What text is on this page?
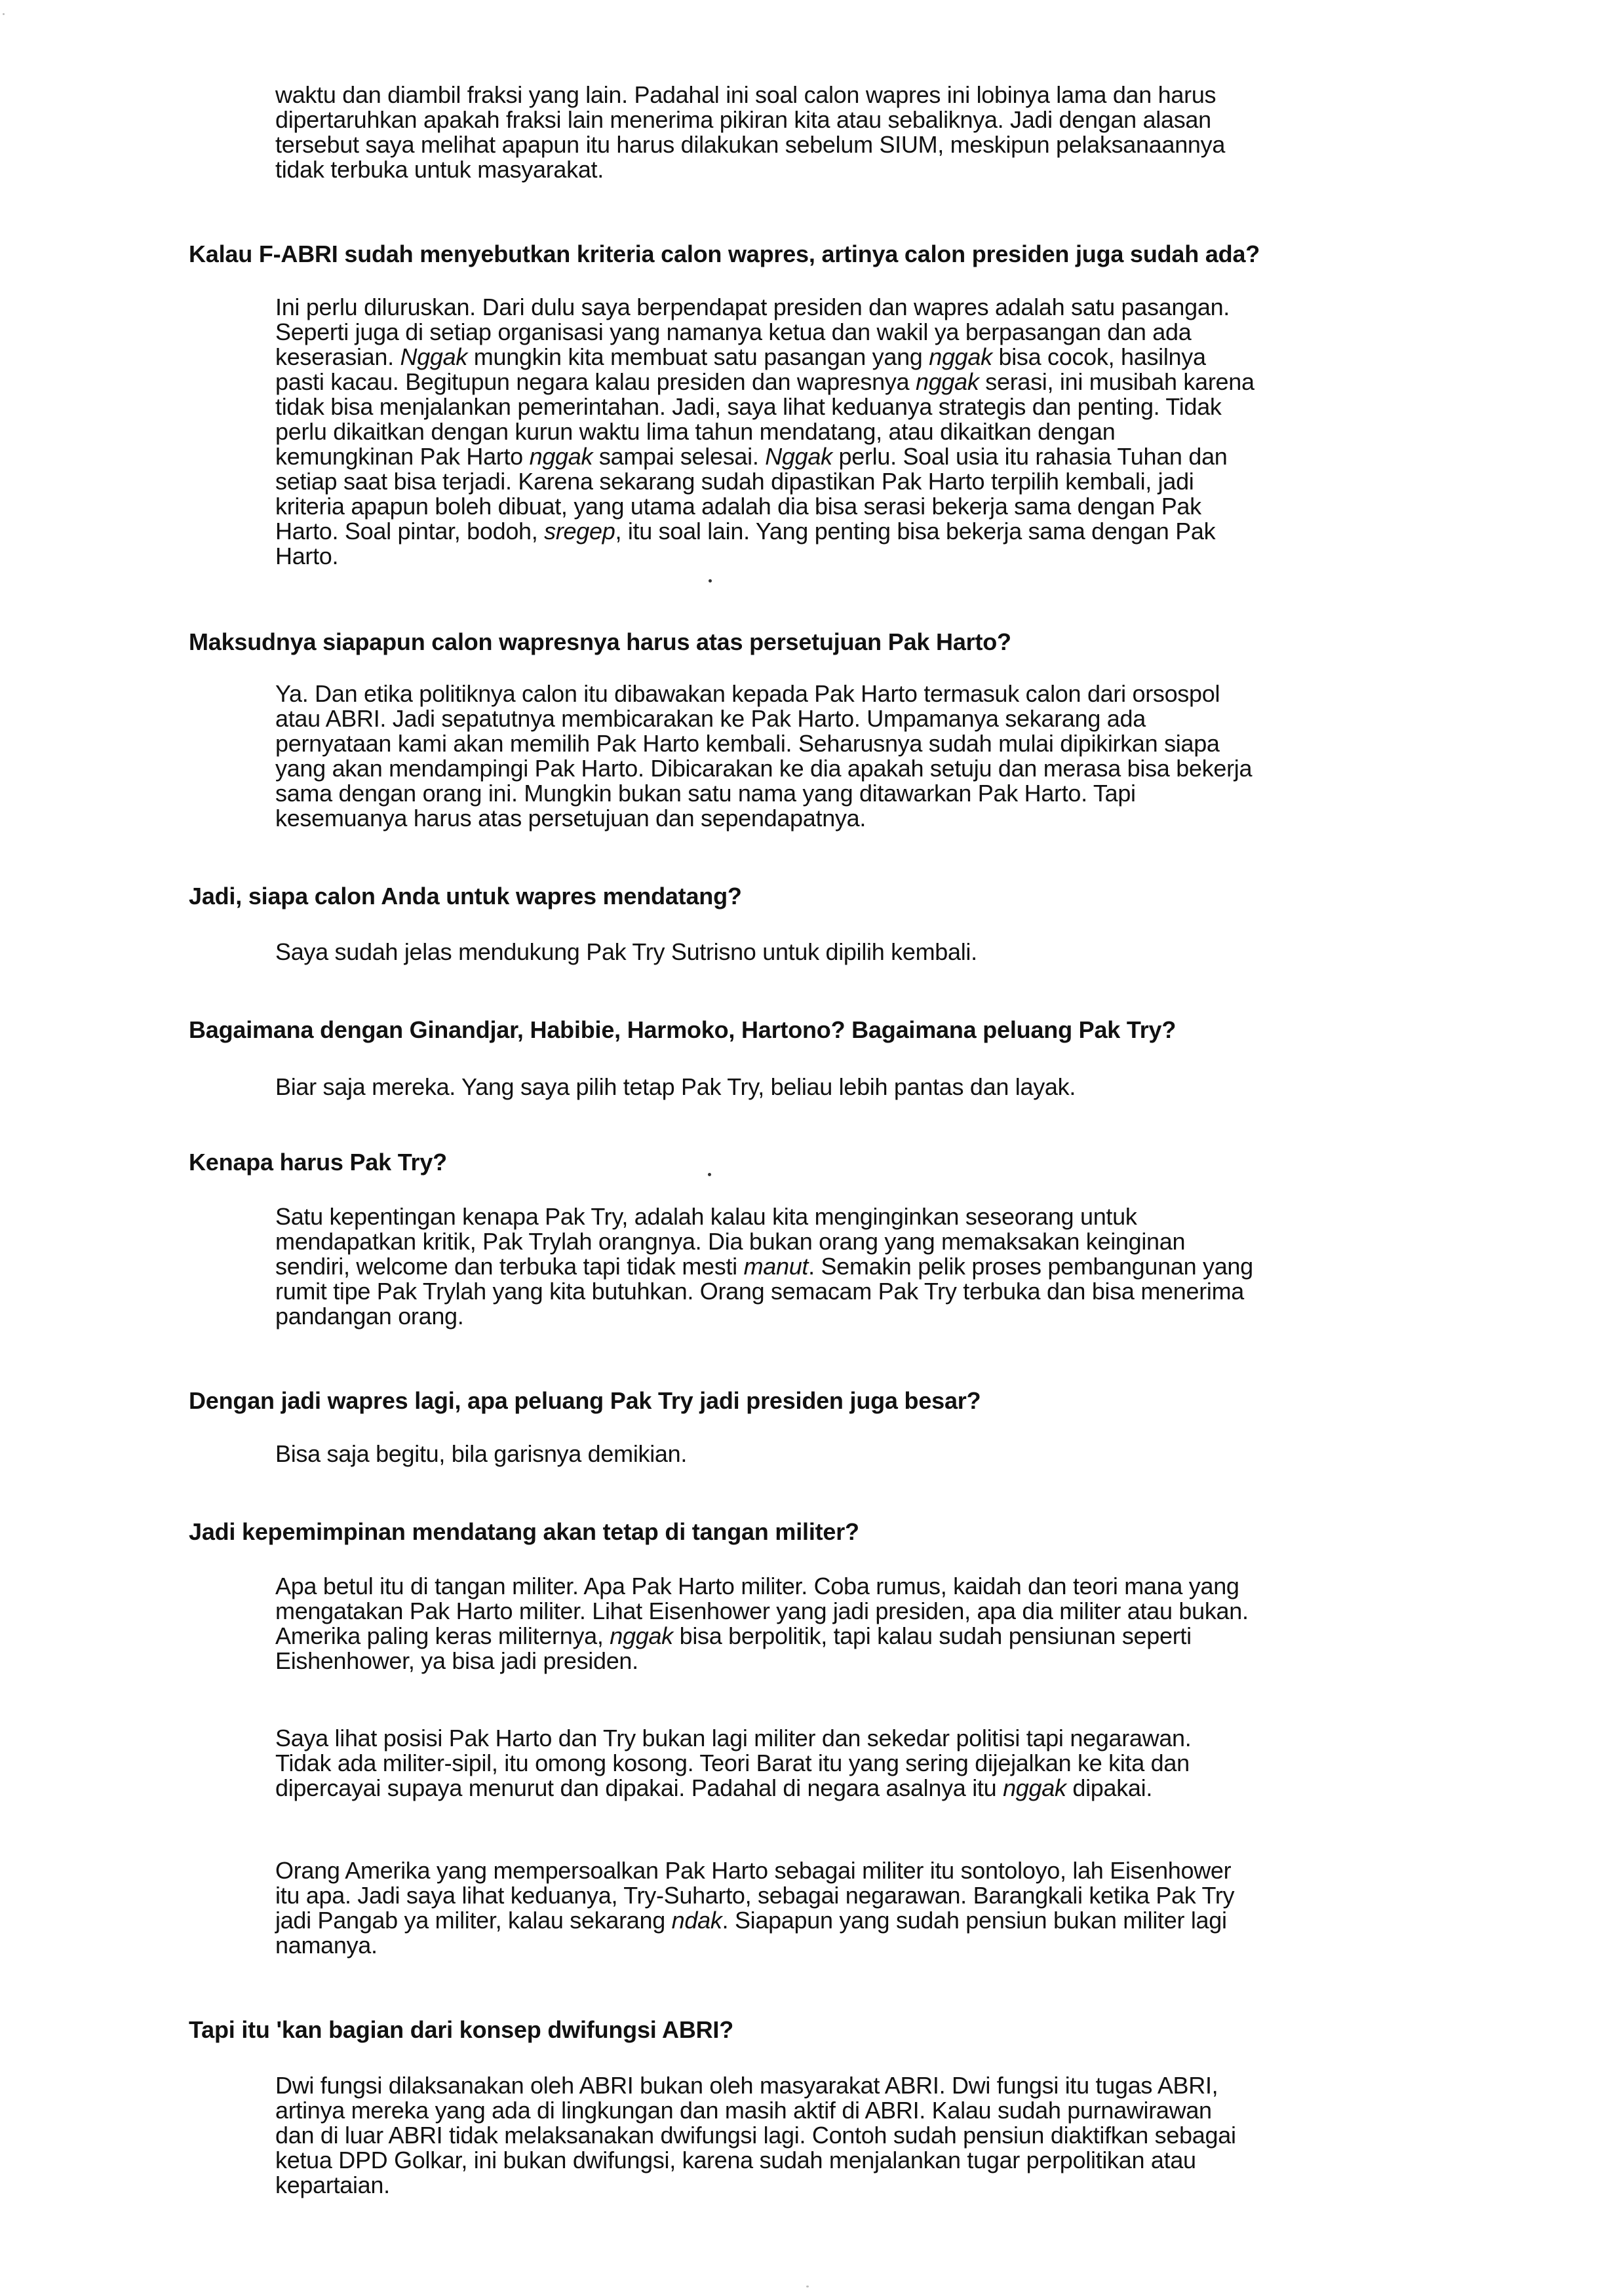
waktu dan diambil fraksi yang lain. Padahal ini soal calon wapres ini lobinya lama dan harus
dipertaruhkan apakah fraksi lain menerima pikiran kita atau sebaliknya. Jadi dengan alasan
tersebut saya melihat apapun itu harus dilakukan sebelum SIUM, meskipun pelaksanaannya
tidak terbuka untuk masyarakat.
Kalau F-ABRI sudah menyebutkan kriteria calon wapres, artinya calon presiden juga sudah ada?
Ini perlu diluruskan. Dari dulu saya berpendapat presiden dan wapres adalah satu pasangan.
Seperti juga di setiap organisasi yang namanya ketua dan wakil ya berpasangan dan ada
keserasian. Nggak mungkin kita membuat satu pasangan yang nggak bisa cocok, hasilnya
pasti kacau. Begitupun negara kalau presiden dan wapresnya nggak serasi, ini musibah karena
tidak bisa menjalankan pemerintahan. Jadi, saya lihat keduanya strategis dan penting. Tidak
perlu dikaitkan dengan kurun waktu lima tahun mendatang, atau dikaitkan dengan
kemungkinan Pak Harto nggak sampai selesai. Nggak perlu. Soal usia itu rahasia Tuhan dan
setiap saat bisa terjadi. Karena sekarang sudah dipastikan Pak Harto terpilih kembali, jadi
kriteria apapun boleh dibuat, yang utama adalah dia bisa serasi bekerja sama dengan Pak
Harto. Soal pintar, bodoh, sregep, itu soal lain. Yang penting bisa bekerja sama dengan Pak
Harto.
Maksudnya siapapun calon wapresnya harus atas persetujuan Pak Harto?
Ya. Dan etika politiknya calon itu dibawakan kepada Pak Harto termasuk calon dari orsospol
atau ABRI. Jadi sepatutnya membicarakan ke Pak Harto. Umpamanya sekarang ada
pernyataan kami akan memilih Pak Harto kembali. Seharusnya sudah mulai dipikirkan siapa
yang akan mendampingi Pak Harto. Dibicarakan ke dia apakah setuju dan merasa bisa bekerja
sama dengan orang ini. Mungkin bukan satu nama yang ditawarkan Pak Harto. Tapi
kesemuanya harus atas persetujuan dan sependapatnya.
Jadi, siapa calon Anda untuk wapres mendatang?
Saya sudah jelas mendukung Pak Try Sutrisno untuk dipilih kembali.
Bagaimana dengan Ginandjar, Habibie, Harmoko, Hartono? Bagaimana peluang Pak Try?
Biar saja mereka. Yang saya pilih tetap Pak Try, beliau lebih pantas dan layak.
Kenapa harus Pak Try?
Satu kepentingan kenapa Pak Try, adalah kalau kita menginginkan seseorang untuk
mendapatkan kritik, Pak Trylah orangnya. Dia bukan orang yang memaksakan keinginan
sendiri, welcome dan terbuka tapi tidak mesti manut. Semakin pelik proses pembangunan yang
rumit tipe Pak Trylah yang kita butuhkan. Orang semacam Pak Try terbuka dan bisa menerima
pandangan orang.
Dengan jadi wapres lagi, apa peluang Pak Try jadi presiden juga besar?
Bisa saja begitu, bila garisnya demikian.
Jadi kepemimpinan mendatang akan tetap di tangan militer?
Apa betul itu di tangan militer. Apa Pak Harto militer. Coba rumus, kaidah dan teori mana yang
mengatakan Pak Harto militer. Lihat Eisenhower yang jadi presiden, apa dia militer atau bukan.
Amerika paling keras militernya, nggak bisa berpolitik, tapi kalau sudah pensiunan seperti
Eishenhower, ya bisa jadi presiden.
Saya lihat posisi Pak Harto dan Try bukan lagi militer dan sekedar politisi tapi negarawan.
Tidak ada militer-sipil, itu omong kosong. Teori Barat itu yang sering dijejalkan ke kita dan
dipercayai supaya menurut dan dipakai. Padahal di negara asalnya itu nggak dipakai.
Orang Amerika yang mempersoalkan Pak Harto sebagai militer itu sontoloyo, lah Eisenhower
itu apa. Jadi saya lihat keduanya, Try-Suharto, sebagai negarawan. Barangkali ketika Pak Try
jadi Pangab ya militer, kalau sekarang ndak. Siapapun yang sudah pensiun bukan militer lagi
namanya.
Tapi itu 'kan bagian dari konsep dwifungsi ABRI?
Dwi fungsi dilaksanakan oleh ABRI bukan oleh masyarakat ABRI. Dwi fungsi itu tugas ABRI,
artinya mereka yang ada di lingkungan dan masih aktif di ABRI. Kalau sudah purnawirawan
dan di luar ABRI tidak melaksanakan dwifungsi lagi. Contoh sudah pensiun diaktifkan sebagai
ketua DPD Golkar, ini bukan dwifungsi, karena sudah menjalankan tugar perpolitikan atau
kepartaian.
